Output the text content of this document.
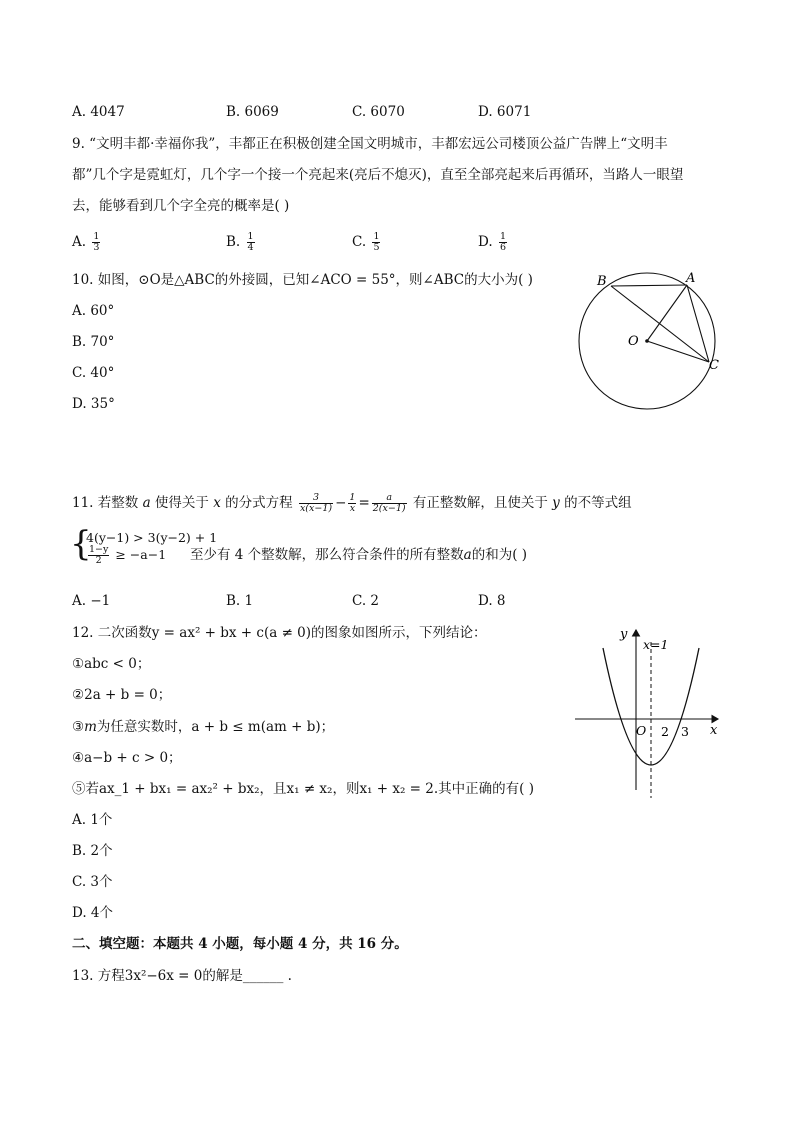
A. 4047	B. 6069	C. 6070	D. 6071
9. “文明丰都·幸福你我”，丰都正在积极创建全国文明城市，丰都宏远公司楼顶公益广告牌上“文明丰
都”几个字是霓虹灯，几个字一个接一个亮起来(亮后不熄灭)，直至全部亮起来后再循环，当路人一眼望
去，能够看到几个字全亮的概率是( )
A. $\frac{1}{3}$	B. $\frac{1}{4}$	C. $\frac{1}{5}$	D. $\frac{1}{6}$
10. 如图，⊙O是△ABC的外接圆，已知∠ACO = 55°，则∠ABC的大小为( )
A. 60°
B. 70°
C. 40°
D. 35°
B	A
O
C
11. 若整数 a 使得关于 x 的分式方程 $\frac{3}{x(x-1)} - \frac{1}{x} = \frac{a}{2(x-1)}$ 有正整数解，且使关于 y 的不等式组
{
4(y−1) > 3(y−2) + 1
$\frac{1-y}{2} \ge -a-1$ 至少有 4 个整数解，那么符合条件的所有整数a的和为( )
A. −1	B. 1	C. 2	D. 8
12. 二次函数y = ax² + bx + c(a ≠ 0)的图象如图所示，下列结论：
①abc < 0；
②2a + b = 0；
③m为任意实数时，a + b ≤ m(am + b)；
④a−b + c > 0；
⑤若ax_1 + bx₁ = ax₂² + bx₂，且x₁ ≠ x₂，则x₁ + x₂ = 2.其中正确的有( )
A. 1个
B. 2个
C. 3个
D. 4个
y
x
x=1
O 2 3
二、填空题：本题共 4 小题，每小题 4 分，共 16 分。
13. 方程3x²−6x = 0的解是______ .
